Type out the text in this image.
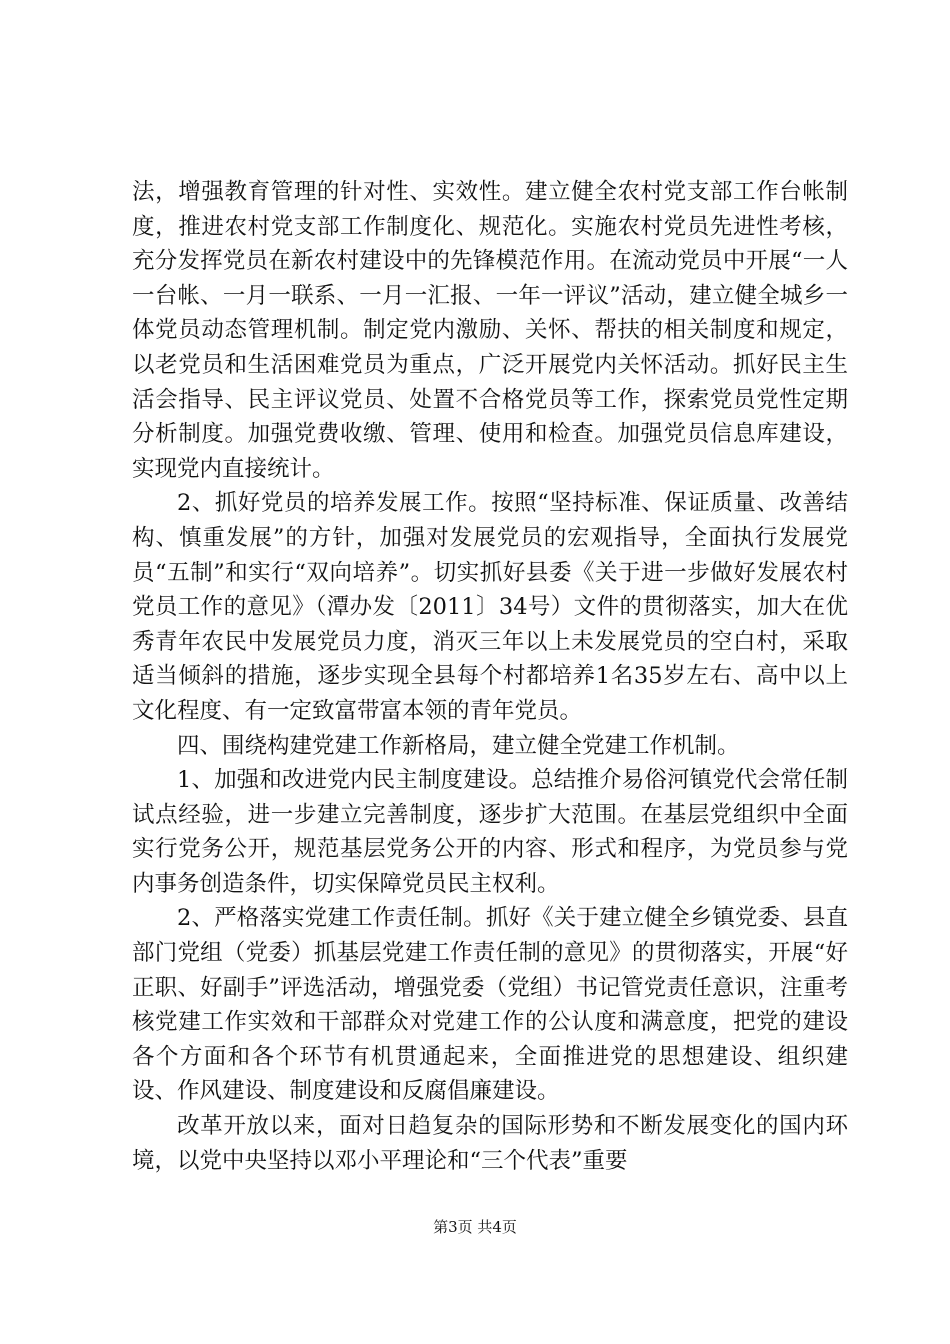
法，增强教育管理的针对性、实效性。建立健全农村党支部工作台帐制度，推进农村党支部工作制度化、规范化。实施农村党员先进性考核，充分发挥党员在新农村建设中的先锋模范作用。在流动党员中开展“一人一台帐、一月一联系、一月一汇报、一年一评议”活动，建立健全城乡一体党员动态管理机制。制定党内激励、关怀、帮扶的相关制度和规定，以老党员和生活困难党员为重点，广泛开展党内关怀活动。抓好民主生活会指导、民主评议党员、处置不合格党员等工作，探索党员党性定期分析制度。加强党费收缴、管理、使用和检查。加强党员信息库建设，实现党内直接统计。

2、抓好党员的培养发展工作。按照“坚持标准、保证质量、改善结构、慎重发展”的方针，加强对发展党员的宏观指导，全面执行发展党员“五制”和实行“双向培养”。切实抓好县委《关于进一步做好发展农村党员工作的意见》（潭办发〔2011〕34号）文件的贯彻落实，加大在优秀青年农民中发展党员力度，消灭三年以上未发展党员的空白村，采取适当倾斜的措施，逐步实现全县每个村都培养1名35岁左右、高中以上文化程度、有一定致富带富本领的青年党员。

四、围绕构建党建工作新格局，建立健全党建工作机制。

1、加强和改进党内民主制度建设。总结推介易俗河镇党代会常任制试点经验，进一步建立完善制度，逐步扩大范围。在基层党组织中全面实行党务公开，规范基层党务公开的内容、形式和程序，为党员参与党内事务创造条件，切实保障党员民主权利。

2、严格落实党建工作责任制。抓好《关于建立健全乡镇党委、县直部门党组（党委）抓基层党建工作责任制的意见》的贯彻落实，开展“好正职、好副手”评选活动，增强党委（党组）书记管党责任意识，注重考核党建工作实效和干部群众对党建工作的公认度和满意度，把党的建设各个方面和各个环节有机贯通起来，全面推进党的思想建设、组织建设、作风建设、制度建设和反腐倡廉建设。

改革开放以来，面对日趋复杂的国际形势和不断发展变化的国内环境，以党中央坚持以邓小平理论和“三个代表”重要

第3页 共4页
